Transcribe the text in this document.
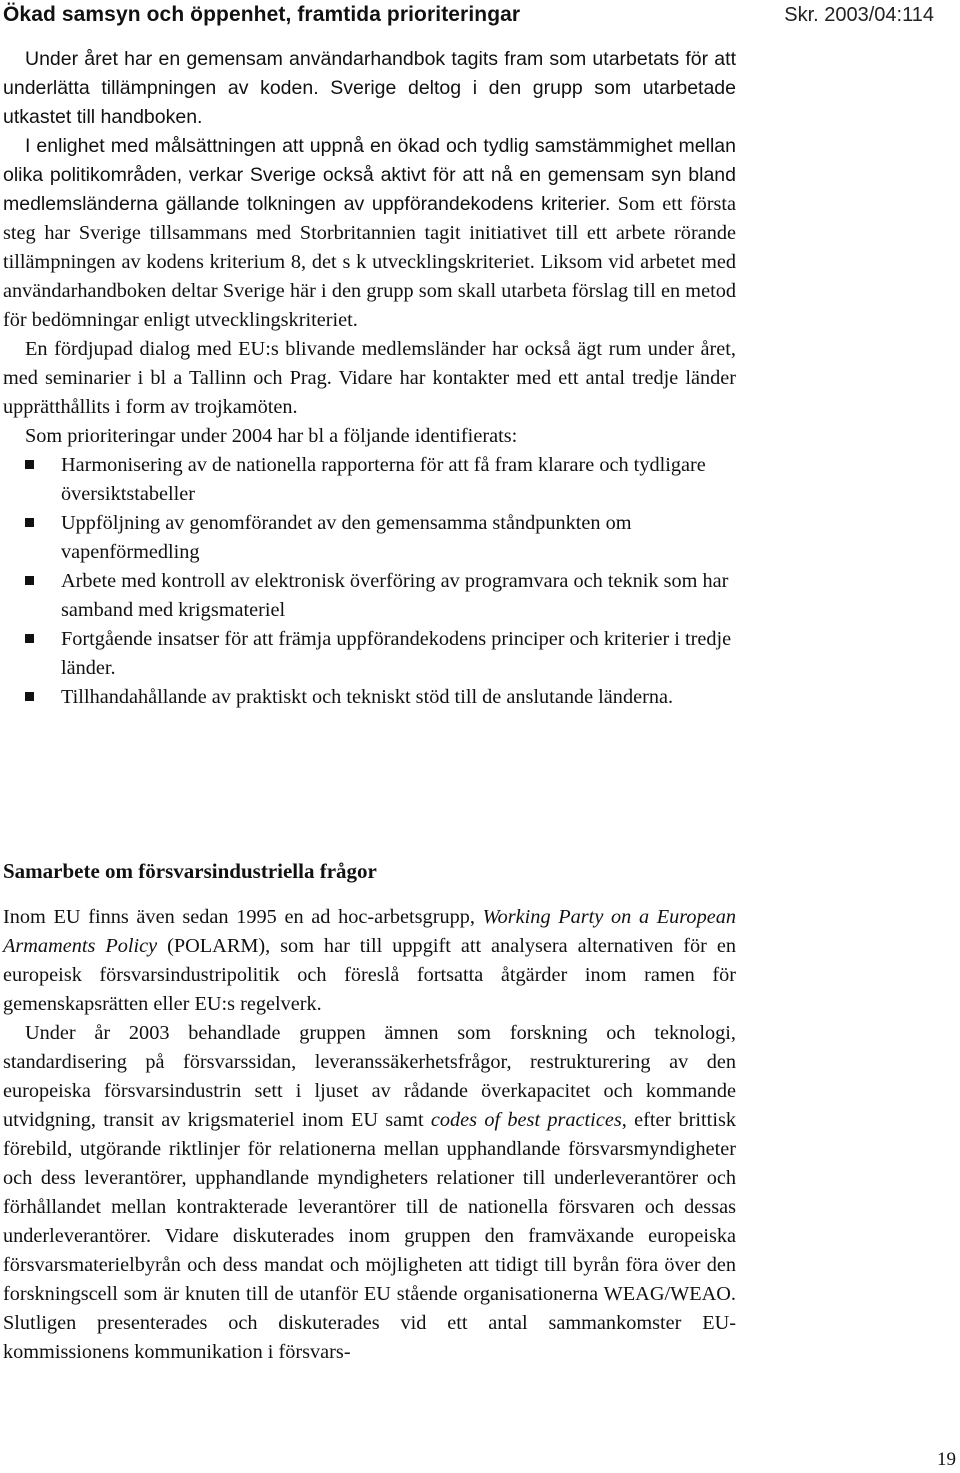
Ökad samsyn och öppenhet, framtida prioriteringar	Skr. 2003/04:114

Under året har en gemensam användarhandbok tagits fram som utarbetats för att underlätta tillämpningen av koden. Sverige deltog i den grupp som utarbetade utkastet till handboken.

I enlighet med målsättningen att uppnå en ökad och tydlig samstämmighet mellan olika politikområden, verkar Sverige också aktivt för att nå en gemensam syn bland medlemsländerna gällande tolkningen av uppförandekodens kriterier. Som ett första steg har Sverige tillsammans med Storbritannien tagit initiativet till ett arbete rörande tillämpningen av kodens kriterium 8, det s k utvecklingskriteriet. Liksom vid arbetet med användarhandboken deltar Sverige här i den grupp som skall utarbeta förslag till en metod för bedömningar enligt utvecklingskriteriet.

En fördjupad dialog med EU:s blivande medlemsländer har också ägt rum under året, med seminarier i bl a Tallinn och Prag. Vidare har kontakter med ett antal tredje länder upprätthållits i form av trojkamöten.

Som prioriteringar under 2004 har bl a följande identifierats:

Harmonisering av de nationella rapporterna för att få fram klarare och tydligare översiktstabeller
Uppföljning av genomförandet av den gemensamma ståndpunkten om vapenförmedling
Arbete med kontroll av elektronisk överföring av programvara och teknik som har samband med krigsmateriel
Fortgående insatser för att främja uppförandekodens principer och kriterier i tredje länder.
Tillhandahållande av praktiskt och tekniskt stöd till de anslutande länderna.
Samarbete om försvarsindustriella frågor

Inom EU finns även sedan 1995 en ad hoc-arbetsgrupp, Working Party on a European Armaments Policy (POLARM), som har till uppgift att analysera alternativen för en europeisk försvarsindustripolitik och föreslå fortsatta åtgärder inom ramen för gemenskapsrätten eller EU:s regelverk.

Under år 2003 behandlade gruppen ämnen som forskning och teknologi, standardisering på försvarssidan, leveranssäkerhetsfrågor, restrukturering av den europeiska försvarsindustrin sett i ljuset av rådande överkapacitet och kommande utvidgning, transit av krigsmateriel inom EU samt codes of best practices, efter brittisk förebild, utgörande riktlinjer för relationerna mellan upphandlande försvarsmyndigheter och dess leverantörer, upphandlande myndigheters relationer till underleverantörer och förhållandet mellan kontrakterade leverantörer till de nationella försvaren och dessas underleverantörer. Vidare diskuterades inom gruppen den framväxande europeiska försvarsmaterielbyrån och dess mandat och möjligheten att tidigt till byrån föra över den forskningscell som är knuten till de utanför EU stående organisationerna WEAG/WEAO. Slutligen presenterades och diskuterades vid ett antal sammankomster EU-kommissionens kommunikation i försvars-

19
